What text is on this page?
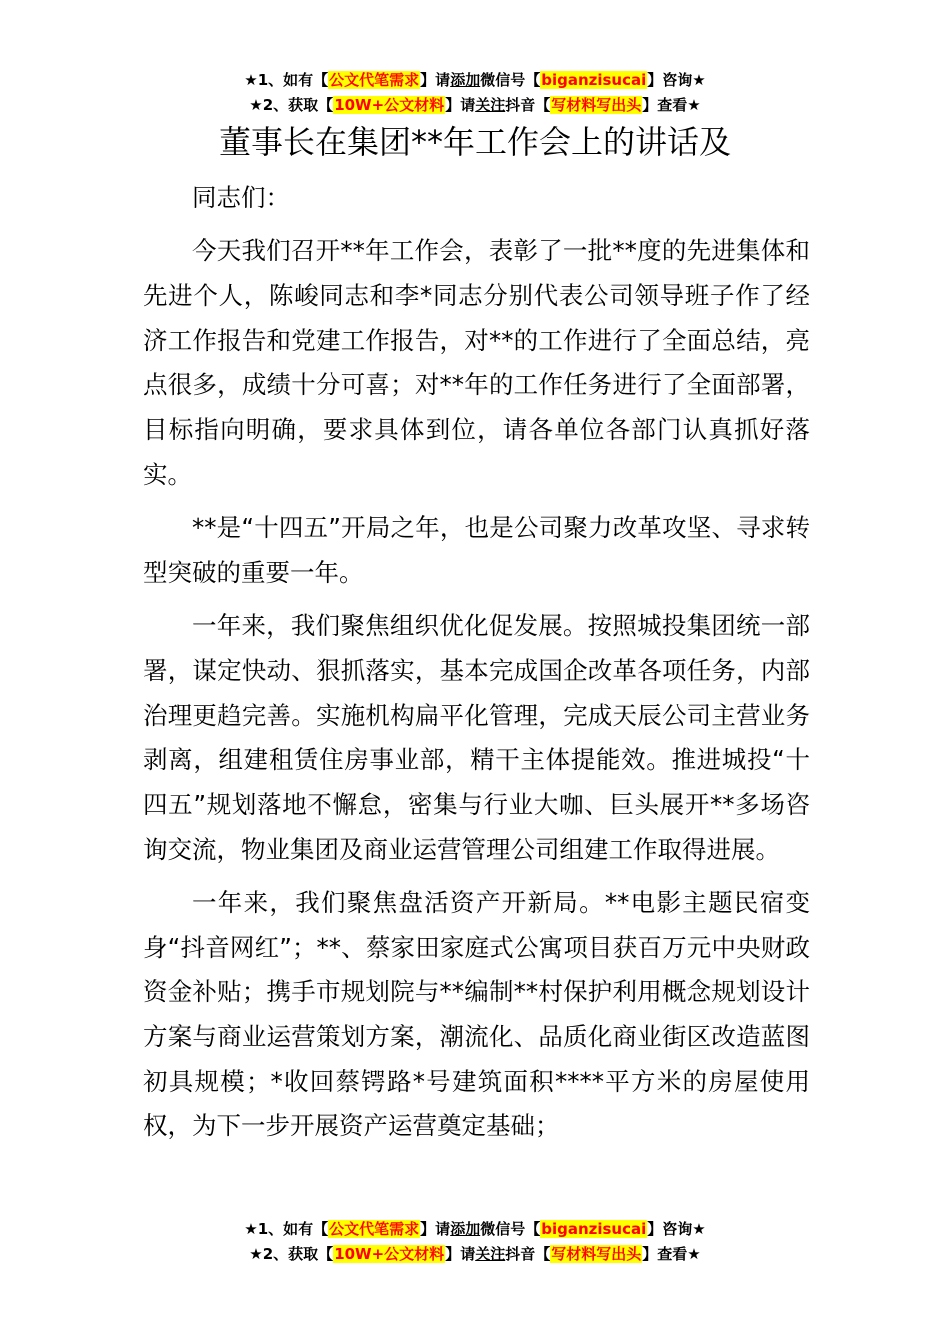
★1、如有【公文代笔需求】请添加微信号【biganzisucai】咨询★
★2、获取【10W+公文材料】请关注抖音【写材料写出头】查看★
董事长在集团**年工作会上的讲话及

同志们：

今天我们召开**年工作会，表彰了一批**度的先进集体和先进个人，陈峻同志和李*同志分别代表公司领导班子作了经济工作报告和党建工作报告，对**的工作进行了全面总结，亮点很多，成绩十分可喜；对**年的工作任务进行了全面部署，目标指向明确，要求具体到位，请各单位各部门认真抓好落实。

**是“十四五”开局之年，也是公司聚力改革攻坚、寻求转型突破的重要一年。

一年来，我们聚焦组织优化促发展。按照城投集团统一部署，谋定快动、狠抓落实，基本完成国企改革各项任务，内部治理更趋完善。实施机构扁平化管理，完成天辰公司主营业务剥离，组建租赁住房事业部，精干主体提能效。推进城投“十四五”规划落地不懈怠，密集与行业大咖、巨头展开**多场咨询交流，物业集团及商业运营管理公司组建工作取得进展。

一年来，我们聚焦盘活资产开新局。**电影主题民宿变身“抖音网红”；**、蔡家田家庭式公寓项目获百万元中央财政资金补贴；携手市规划院与**编制**村保护利用概念规划设计方案与商业运营策划方案，潮流化、品质化商业街区改造蓝图初具规模；*收回蔡锷路*号建筑面积****平方米的房屋使用权，为下一步开展资产运营奠定基础；

★1、如有【公文代笔需求】请添加微信号【biganzisucai】咨询★
★2、获取【10W+公文材料】请关注抖音【写材料写出头】查看★
